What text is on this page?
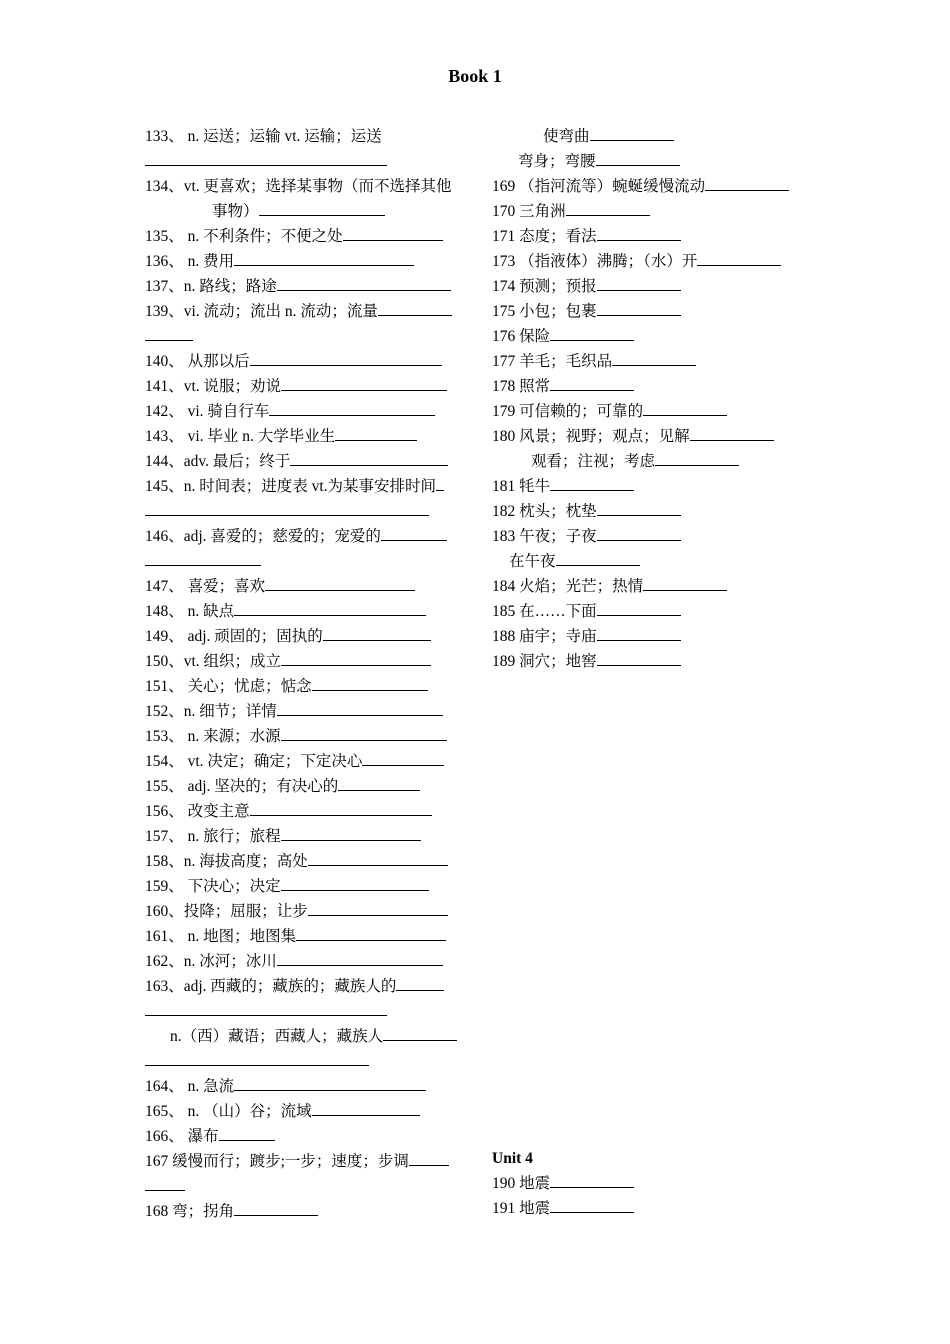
Book 1
133、 n. 运送；运输 vt. 运输；运送
134、vt. 更喜欢；选择某事物（而不选择其他
事物）
135、 n. 不利条件；不便之处
136、 n. 费用
137、n. 路线；路途
139、vi. 流动；流出 n. 流动；流量
140、 从那以后
141、vt. 说服；劝说
142、 vi. 骑自行车
143、 vi. 毕业 n. 大学毕业生
144、adv. 最后；终于
145、n. 时间表；进度表 vt.为某事安排时间
146、adj. 喜爱的；慈爱的；宠爱的
147、 喜爱；喜欢
148、 n. 缺点
149、 adj. 顽固的；固执的
150、vt. 组织；成立
151、 关心；忧虑；惦念
152、n. 细节；详情
153、 n. 来源；水源
154、 vt. 决定；确定；下定决心
155、 adj. 坚决的；有决心的
156、 改变主意
157、 n. 旅行；旅程
158、n. 海拔高度；高处
159、 下决心；决定
160、投降；屈服；让步
161、 n. 地图；地图集
162、n. 冰河；冰川
163、adj. 西藏的；藏族的；藏族人的
n.（西）藏语；西藏人；藏族人
164、 n. 急流
165、 n. （山）谷；流域
166、 瀑布
167 缓慢而行；踱步;一步；速度；步调
168 弯；拐角
使弯曲
弯身；弯腰
169 （指河流等）蜿蜒缓慢流动
170 三角洲
171 态度；看法
173 （指液体）沸腾；（水）开
174 预测；预报
175 小包；包裹
176 保险
177 羊毛；毛织品
178 照常
179 可信赖的；可靠的
180 风景；视野；观点；见解
观看；注视；考虑
181 牦牛
182 枕头；枕垫
183 午夜；子夜
在午夜
184 火焰；光芒；热情
185 在……下面
188 庙宇；寺庙
189 洞穴；地窖
Unit 4
190 地震
191 地震
